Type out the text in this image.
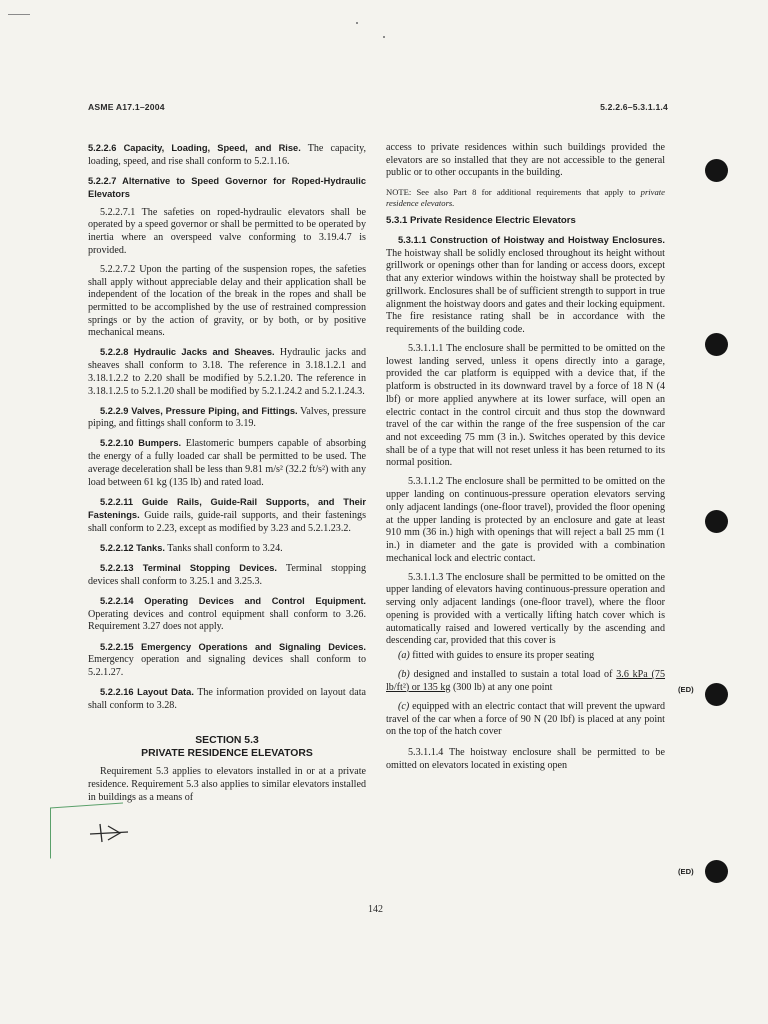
ASME A17.1–2004	5.2.2.6–5.3.1.1.4

5.2.2.6 Capacity, Loading, Speed, and Rise. The capacity, loading, speed, and rise shall conform to 5.2.1.16.

5.2.2.7 Alternative to Speed Governor for Roped-Hydraulic Elevators

5.2.2.7.1 The safeties on roped-hydraulic elevators shall be operated by a speed governor or shall be permitted to be operated by inertia where an overspeed valve conforming to 3.19.4.7 is provided.

5.2.2.7.2 Upon the parting of the suspension ropes, the safeties shall apply without appreciable delay and their application shall be independent of the location of the break in the ropes and shall be permitted to be accomplished by the use of restrained compression springs or by the action of gravity, or by both, or by positive mechanical means.

5.2.2.8 Hydraulic Jacks and Sheaves. Hydraulic jacks and sheaves shall conform to 3.18. The reference in 3.18.1.2.1 and 3.18.1.2.2 to 2.20 shall be modified by 5.2.1.20. The reference in 3.18.1.2.5 to 5.2.1.20 shall be modified by 5.2.1.24.2 and 5.2.1.24.3.

5.2.2.9 Valves, Pressure Piping, and Fittings. Valves, pressure piping, and fittings shall conform to 3.19.

5.2.2.10 Bumpers. Elastomeric bumpers capable of absorbing the energy of a fully loaded car shall be permitted to be used. The average deceleration shall be less than 9.81 m/s² (32.2 ft/s²) with any load between 61 kg (135 lb) and rated load.

5.2.2.11 Guide Rails, Guide-Rail Supports, and Their Fastenings. Guide rails, guide-rail supports, and their fastenings shall conform to 2.23, except as modified by 3.23 and 5.2.1.23.2.

5.2.2.12 Tanks. Tanks shall conform to 3.24.

5.2.2.13 Terminal Stopping Devices. Terminal stopping devices shall conform to 3.25.1 and 3.25.3.

5.2.2.14 Operating Devices and Control Equipment. Operating devices and control equipment shall conform to 3.26. Requirement 3.27 does not apply.

5.2.2.15 Emergency Operations and Signaling Devices. Emergency operation and signaling devices shall conform to 5.2.1.27.

5.2.2.16 Layout Data. The information provided on layout data shall conform to 3.28.

SECTION 5.3
PRIVATE RESIDENCE ELEVATORS

Requirement 5.3 applies to elevators installed in or at a private residence. Requirement 5.3 also applies to similar elevators installed in buildings as a means of

access to private residences within such buildings provided the elevators are so installed that they are not accessible to the general public or to other occupants in the building.

NOTE: See also Part 8 for additional requirements that apply to private residence elevators.

5.3.1 Private Residence Electric Elevators

5.3.1.1 Construction of Hoistway and Hoistway Enclosures. The hoistway shall be solidly enclosed throughout its height without grillwork or openings other than for landing or access doors, except that any exterior windows within the hoistway shall be protected by grillwork. Enclosures shall be of sufficient strength to support in true alignment the hoistway doors and gates and their locking equipment. The fire resistance rating shall be in accordance with the requirements of the building code.

5.3.1.1.1 The enclosure shall be permitted to be omitted on the lowest landing served, unless it opens directly into a garage, provided the car platform is equipped with a device that, if the platform is obstructed in its downward travel by a force of 18 N (4 lbf) or more applied anywhere at its lower surface, will open an electric contact in the control circuit and thus stop the downward travel of the car within the range of the free suspension of the car and not exceeding 75 mm (3 in.). Switches operated by this device shall be of a type that will not reset unless it has been returned to its normal position.

5.3.1.1.2 The enclosure shall be permitted to be omitted on the upper landing on continuous-pressure operation elevators serving only adjacent landings (one-floor travel), provided the floor opening at the upper landing is protected by an enclosure and gate at least 910 mm (36 in.) high with openings that will reject a ball 25 mm (1 in.) in diameter and the gate is provided with a combination mechanical lock and electric contact.

5.3.1.1.3 The enclosure shall be permitted to be omitted on the upper landing of elevators having continuous-pressure operation and serving only adjacent landings (one-floor travel), where the floor opening is provided with a vertically lifting hatch cover which is automatically raised and lowered vertically by the ascending and descending car, provided that this cover is

(a) fitted with guides to ensure its proper seating

(b) designed and installed to sustain a total load of 3.6 kPa (75 lb/ft²) or 135 kg (300 lb) at any one point

(c) equipped with an electric contact that will prevent the upward travel of the car when a force of 90 N (20 lbf) is placed at any point on the top of the hatch cover

5.3.1.1.4 The hoistway enclosure shall be permitted to be omitted on elevators located in existing open

(ED)
(ED)
142
